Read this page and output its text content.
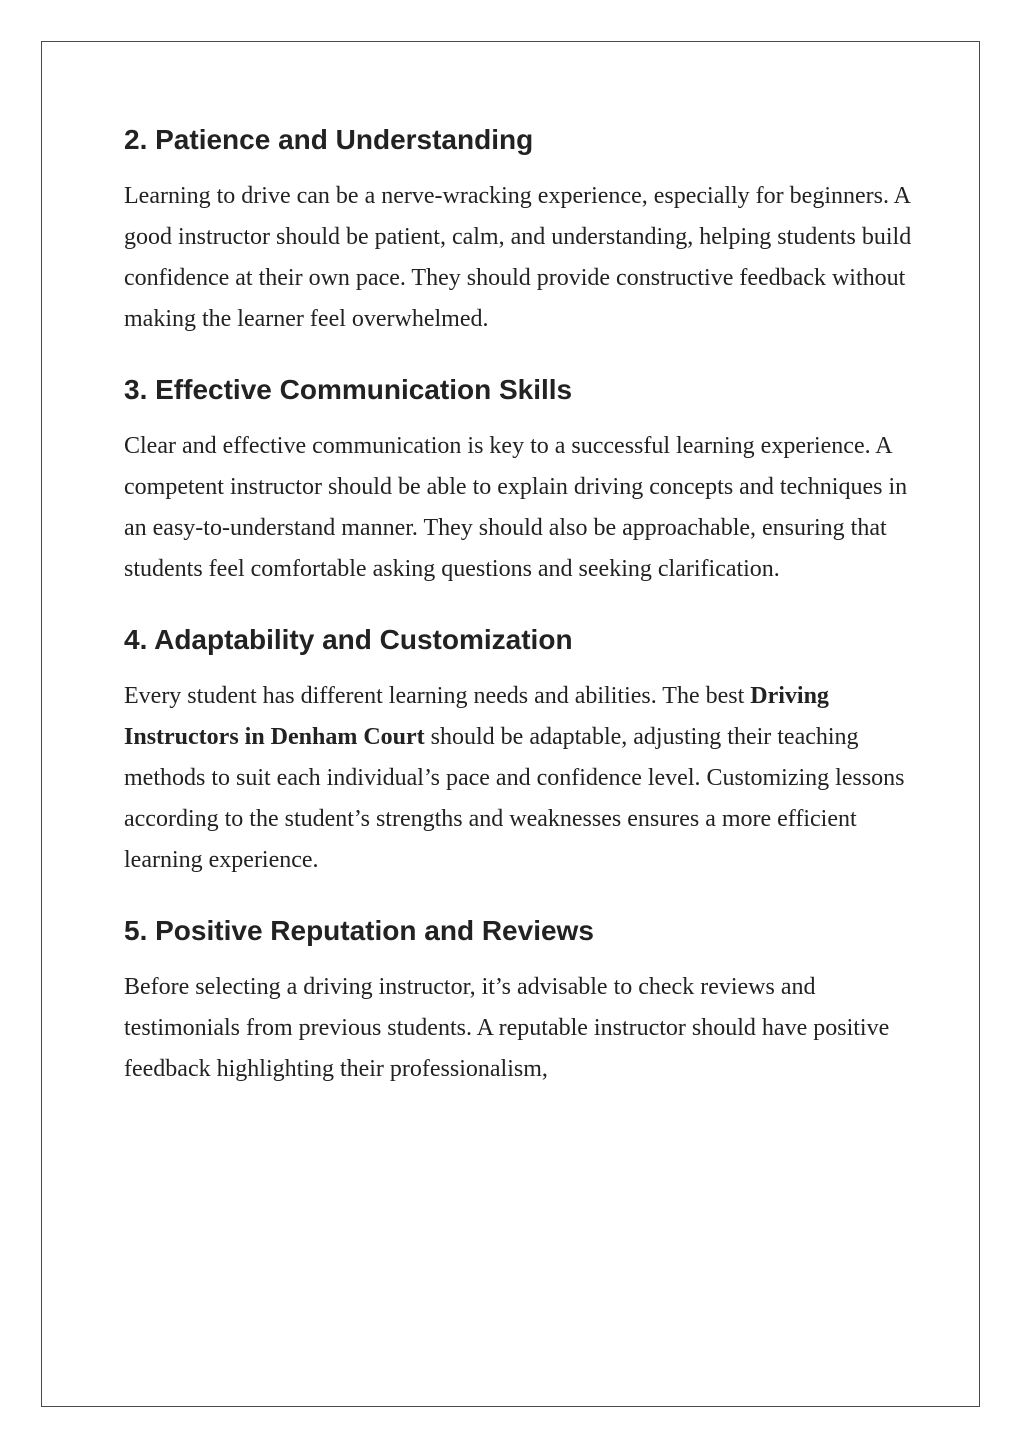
2. Patience and Understanding

Learning to drive can be a nerve-wracking experience, especially for beginners. A good instructor should be patient, calm, and understanding, helping students build confidence at their own pace. They should provide constructive feedback without making the learner feel overwhelmed.

3. Effective Communication Skills

Clear and effective communication is key to a successful learning experience. A competent instructor should be able to explain driving concepts and techniques in an easy-to-understand manner. They should also be approachable, ensuring that students feel comfortable asking questions and seeking clarification.

4. Adaptability and Customization

Every student has different learning needs and abilities. The best Driving Instructors in Denham Court should be adaptable, adjusting their teaching methods to suit each individual’s pace and confidence level. Customizing lessons according to the student’s strengths and weaknesses ensures a more efficient learning experience.

5. Positive Reputation and Reviews

Before selecting a driving instructor, it’s advisable to check reviews and testimonials from previous students. A reputable instructor should have positive feedback highlighting their professionalism,
